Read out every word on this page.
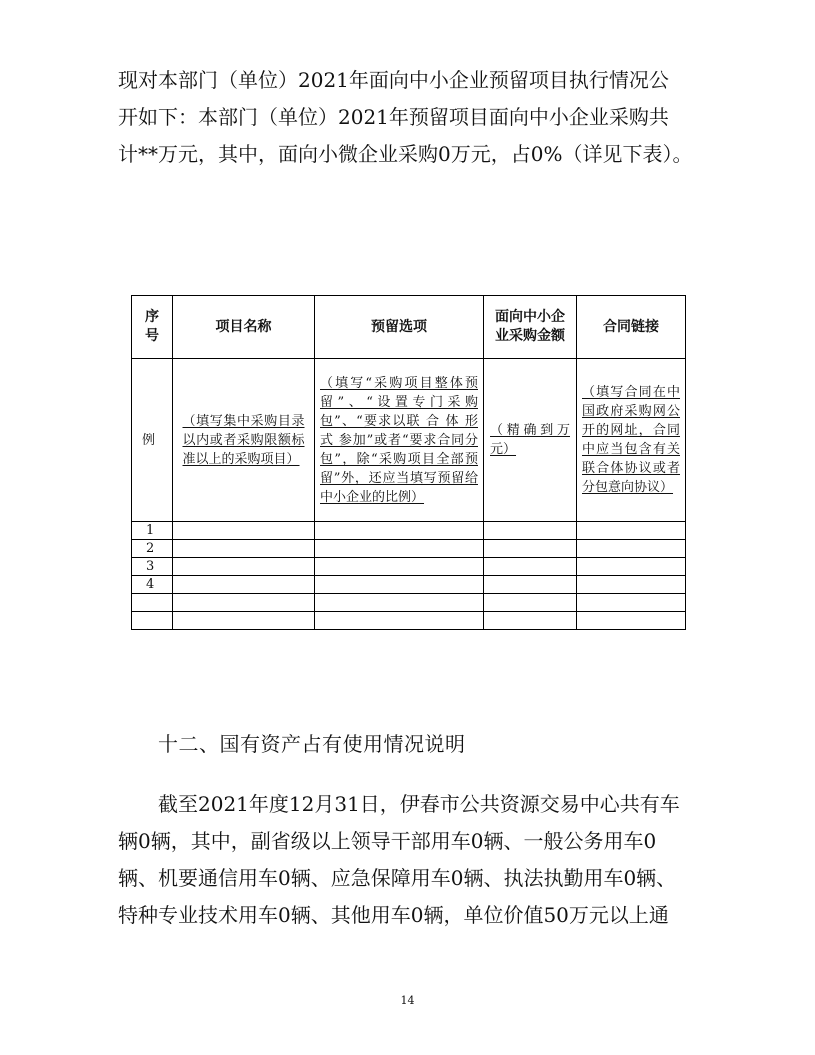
现对本部门（单位）2021年面向中小企业预留项目执行情况公
开如下：本部门（单位）2021年预留项目面向中小企业采购共
计**万元，其中，面向小微企业采购0万元，占0%（详见下表）。
序号	项目名称	预留选项	面向中小企业采购金额	合同链接
例	（填写集中采购目录以内或者采购限额标准以上的采购项目）	（填写“采购项目整体预留”、“设置专门采购包”、“要求以联 合 体 形 式 参加”或者“要求合同分包”，除“采购项目全部预留”外，还应当填写预留给中小企业的比例）	（精确到万元）	（填写合同在中国政府采购网公开的网址，合同中应当包含有关联合体协议或者分包意向协议）
1				
2				
3				
4				

十二、国有资产占有使用情况说明
截至2021年度12月31日，伊春市公共资源交易中心共有车
辆0辆，其中，副省级以上领导干部用车0辆、一般公务用车0
辆、机要通信用车0辆、应急保障用车0辆、执法执勤用车0辆、
特种专业技术用车0辆、其他用车0辆，单位价值50万元以上通
14
